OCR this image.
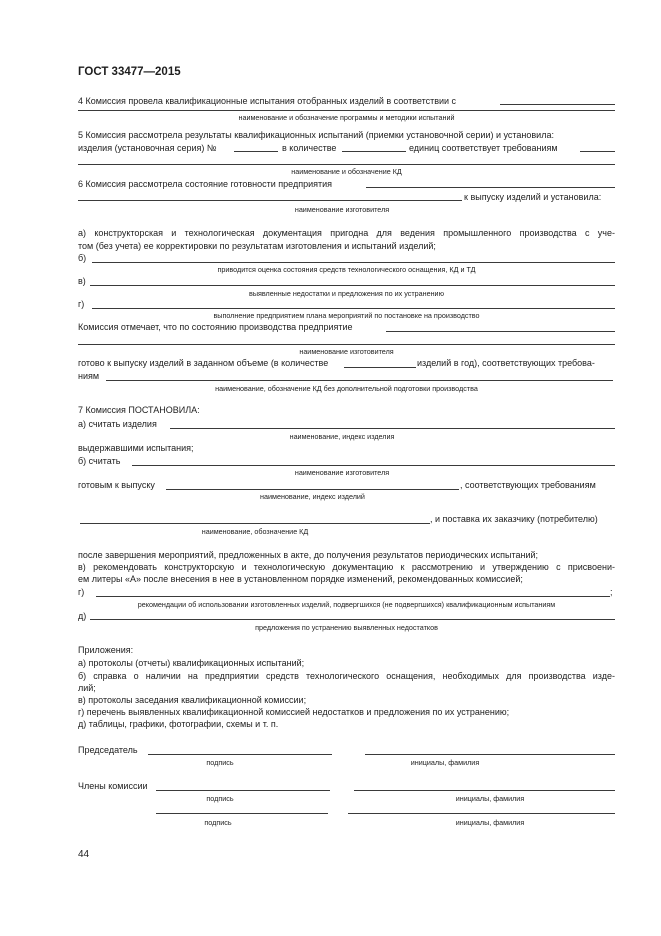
ГОСТ 33477—2015
4 Комиссия провела квалификационные испытания отобранных изделий в соответствии с
наименование и обозначение программы и методики испытаний
5 Комиссия рассмотрела результаты квалификационных испытаний (приемки установочной серии) и установила:
изделия (установочная серия) №	в количестве	единиц соответствует требованиям
наименование и обозначение КД
6 Комиссия рассмотрела состояние готовности предприятия
к выпуску изделий и установила:
наименование изготовителя
а) конструкторская и технологическая документация пригодна для ведения промышленного производства с уче-
том (без учета) ее корректировки по результатам изготовления и испытаний изделий;
б)
приводится оценка состояния средств технологического оснащения, КД и ТД
в)
выявленные недостатки и предложения по их устранению
г)
выполнение предприятием плана мероприятий по постановке на производство
Комиссия отмечает, что по состоянию производства предприятие
наименование изготовителя
готово к выпуску изделий в заданном объеме (в количестве	изделий в год), соответствующих требова-
ниям
наименование, обозначение КД без дополнительной подготовки производства
7 Комиссия ПОСТАНОВИЛА:
а) считать изделия
наименование, индекс изделия
выдержавшими испытания;
б) считать
наименование изготовителя
готовым к выпуску	, соответствующих требованиям
наименование, индекс изделий
, и поставка их заказчику (потребителю)
наименование, обозначение КД
после завершения мероприятий, предложенных в акте, до получения результатов периодических испытаний;
в) рекомендовать конструкторскую и технологическую документацию к рассмотрению и утверждению с присвоени-
ем литеры «А» после внесения в нее в установленном порядке изменений, рекомендованных комиссией;
г)	;
рекомендации об использовании изготовленных изделий, подвергшихся (не подвергшихся) квалификационным испытаниям
д)
предложения по устранению выявленных недостатков
Приложения:
а) протоколы (отчеты) квалификационных испытаний;
б) справка о наличии на предприятии средств технологического оснащения, необходимых для производства изде-
лий;
в) протоколы заседания квалификационной комиссии;
г) перечень выявленных квалификационной комиссией недостатков и предложения по их устранению;
д) таблицы, графики, фотографии, схемы и т. п.
Председатель
подпись	инициалы, фамилия
Члены комиссии
подпись	инициалы, фамилия
подпись	инициалы, фамилия
44
